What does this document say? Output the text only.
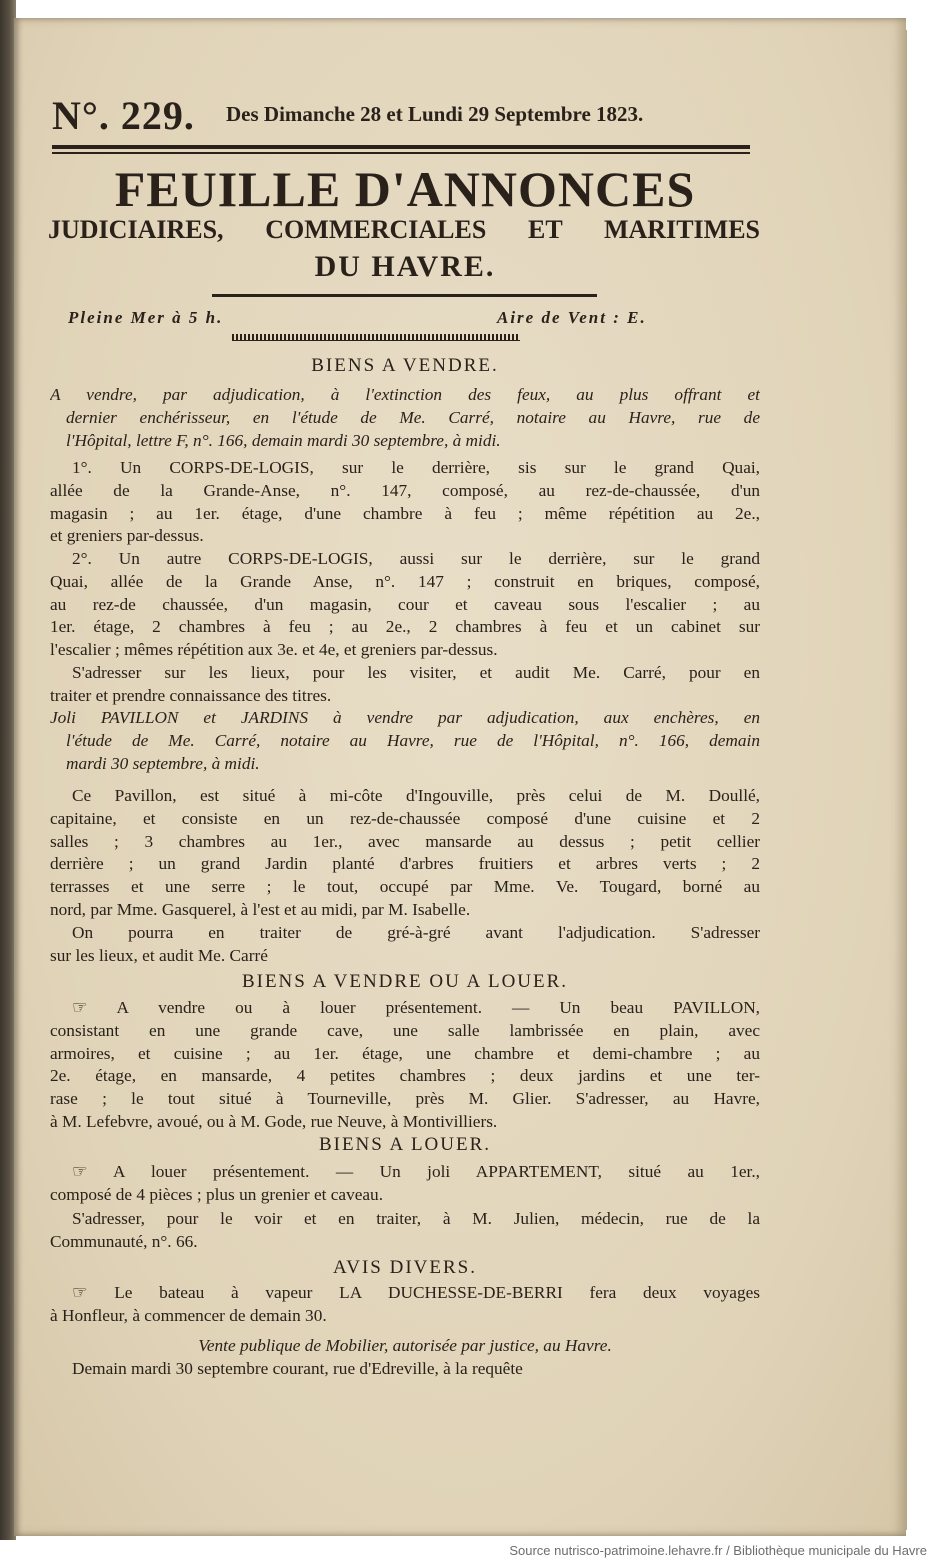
N°. 229. Des Dimanche 28 et Lundi 29 Septembre 1823.
FEUILLE D'ANNONCES
JUDICIAIRES, COMMERCIALES ET MARITIMES
DU HAVRE.
Pleine Mer à 5 h.	Aire de Vent : E.
BIENS A VENDRE.
A vendre, par adjudication, à l'extinction des feux, au plus offrant et
dernier enchérisseur, en l'étude de Me. Carré, notaire au Havre, rue de
l'Hôpital, lettre F, n°. 166, demain mardi 30 septembre, à midi.
1°. Un CORPS-DE-LOGIS, sur le derrière, sis sur le grand Quai,
allée de la Grande-Anse, n°. 147, composé, au rez-de-chaussée, d'un
magasin ; au 1er. étage, d'une chambre à feu ; même répétition au 2e.,
et greniers par-dessus.
2°. Un autre CORPS-DE-LOGIS, aussi sur le derrière, sur le grand
Quai, allée de la Grande Anse, n°. 147 ; construit en briques, composé,
au rez-de chaussée, d'un magasin, cour et caveau sous l'escalier ; au
1er. étage, 2 chambres à feu ; au 2e., 2 chambres à feu et un cabinet sur
l'escalier ; mêmes répétition aux 3e. et 4e, et greniers par-dessus.
S'adresser sur les lieux, pour les visiter, et audit Me. Carré, pour en
traiter et prendre connaissance des titres.
Joli PAVILLON et JARDINS à vendre par adjudication, aux enchères, en
l'étude de Me. Carré, notaire au Havre, rue de l'Hôpital, n°. 166, demain
mardi 30 septembre, à midi.
Ce Pavillon, est situé à mi-côte d'Ingouville, près celui de M. Doullé,
capitaine, et consiste en un rez-de-chaussée composé d'une cuisine et 2
salles ; 3 chambres au 1er., avec mansarde au dessus ; petit cellier
derrière ; un grand Jardin planté d'arbres fruitiers et arbres verts ; 2
terrasses et une serre ; le tout, occupé par Mme. Ve. Tougard, borné au
nord, par Mme. Gasquerel, à l'est et au midi, par M. Isabelle.
On pourra en traiter de gré-à-gré avant l'adjudication. S'adresser
sur les lieux, et audit Me. Carré
BIENS A VENDRE OU A LOUER.
☞ A vendre ou à louer présentement. — Un beau PAVILLON,
consistant en une grande cave, une salle lambrissée en plain, avec
armoires, et cuisine ; au 1er. étage, une chambre et demi-chambre ; au
2e. étage, en mansarde, 4 petites chambres ; deux jardins et une ter-
rase ; le tout situé à Tourneville, près M. Glier. S'adresser, au Havre,
à M. Lefebvre, avoué, ou à M. Gode, rue Neuve, à Montivilliers.
BIENS A LOUER.
☞ A louer présentement. — Un joli APPARTEMENT, situé au 1er.,
composé de 4 pièces ; plus un grenier et caveau.
S'adresser, pour le voir et en traiter, à M. Julien, médecin, rue de la
Communauté, n°. 66.
AVIS DIVERS.
☞ Le bateau à vapeur LA DUCHESSE-DE-BERRI fera deux voyages
à Honfleur, à commencer de demain 30.
Vente publique de Mobilier, autorisée par justice, au Havre.
Demain mardi 30 septembre courant, rue d'Edreville, à la requête
Source nutrisco-patrimoine.lehavre.fr / Bibliothèque municipale du Havre
